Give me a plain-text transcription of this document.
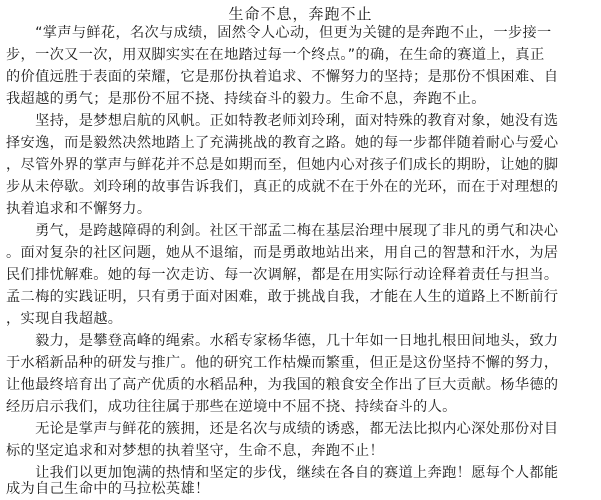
生命不息，奔跑不止
　　“掌声与鲜花，名次与成绩，固然令人心动，但更为关键的是奔跑不止，一步接一
步，一次又一次，用双脚实实在在地踏过每一个终点。”的确，在生命的赛道上，真正
的价值远胜于表面的荣耀，它是那份执着追求、不懈努力的坚持；是那份不惧困难、自
我超越的勇气；是那份不屈不挠、持续奋斗的毅力。生命不息，奔跑不止。
　　坚持，是梦想启航的风帆。正如特教老师刘玲琍，面对特殊的教育对象，她没有选
择安逸，而是毅然决然地踏上了充满挑战的教育之路。她的每一步都伴随着耐心与爱心
，尽管外界的掌声与鲜花并不总是如期而至，但她内心对孩子们成长的期盼，让她的脚
步从未停歇。刘玲琍的故事告诉我们，真正的成就不在于外在的光环，而在于对理想的
执着追求和不懈努力。
　　勇气，是跨越障碍的利剑。社区干部孟二梅在基层治理中展现了非凡的勇气和决心
。面对复杂的社区问题，她从不退缩，而是勇敢地站出来，用自己的智慧和汗水，为居
民们排忧解难。她的每一次走访、每一次调解，都是在用实际行动诠释着责任与担当。
孟二梅的实践证明，只有勇于面对困难，敢于挑战自我，才能在人生的道路上不断前行
，实现自我超越。
　　毅力，是攀登高峰的绳索。水稻专家杨华德，几十年如一日地扎根田间地头，致力
于水稻新品种的研发与推广。他的研究工作枯燥而繁重，但正是这份坚持不懈的努力，
让他最终培育出了高产优质的水稻品种，为我国的粮食安全作出了巨大贡献。杨华德的
经历启示我们，成功往往属于那些在逆境中不屈不挠、持续奋斗的人。
　　无论是掌声与鲜花的簇拥，还是名次与成绩的诱惑，都无法比拟内心深处那份对目
标的坚定追求和对梦想的执着坚守，生命不息，奔跑不止！
　　让我们以更加饱满的热情和坚定的步伐，继续在各自的赛道上奔跑！愿每个人都能
成为自己生命中的马拉松英雄！
